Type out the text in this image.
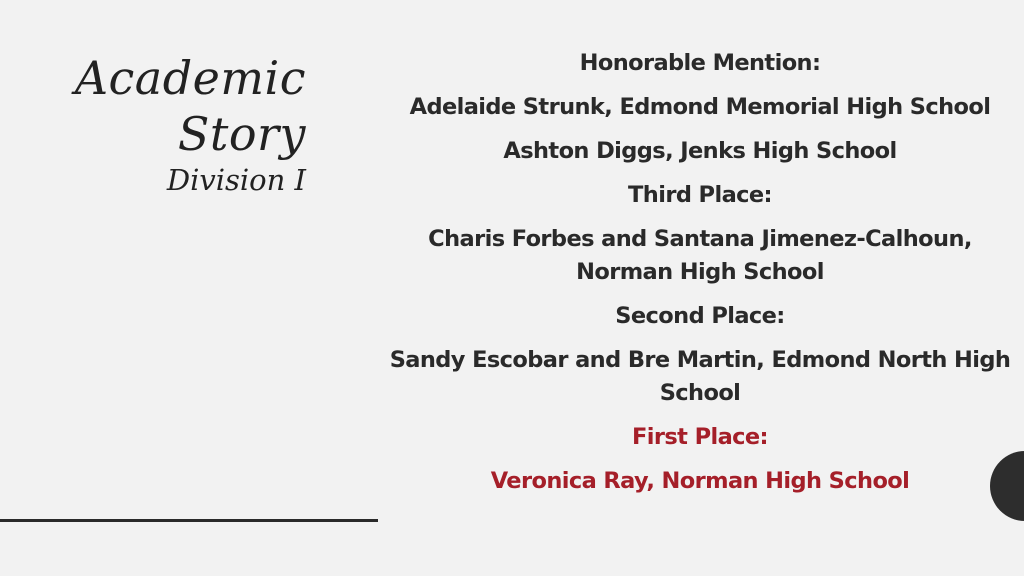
Academic
Story
Division I
Honorable Mention:
Adelaide Strunk, Edmond Memorial High School
Ashton Diggs, Jenks High School
Third Place:
Charis Forbes and Santana Jimenez-Calhoun, Norman High School
Second Place:
Sandy Escobar and Bre Martin, Edmond North High School
First Place:
Veronica Ray, Norman High School
